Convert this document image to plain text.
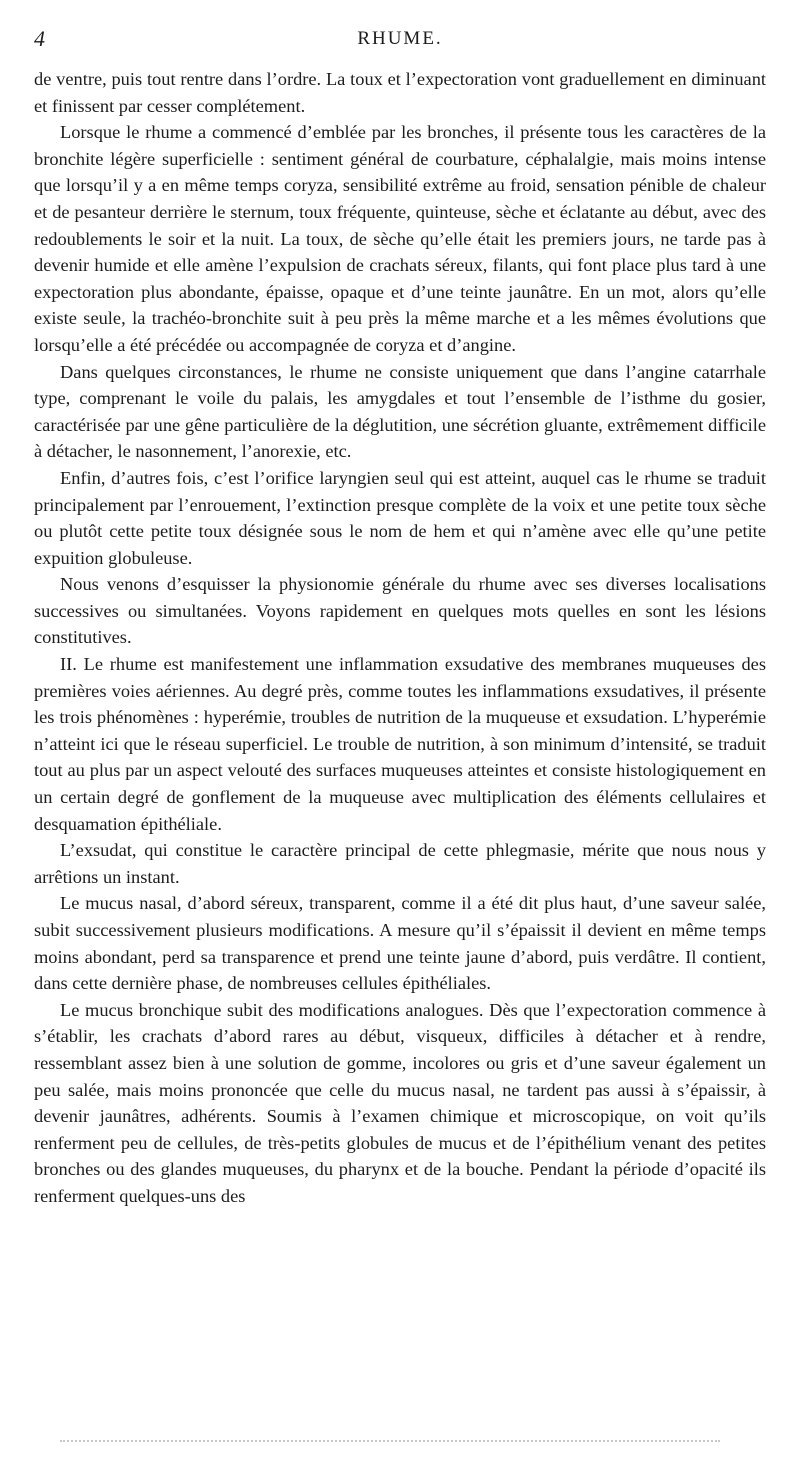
4	RHUME.

de ventre, puis tout rentre dans l’ordre. La toux et l’expectoration vont graduellement en diminuant et finissent par cesser complétement.

Lorsque le rhume a commencé d’emblée par les bronches, il présente tous les caractères de la bronchite légère superficielle : sentiment général de courbature, céphalalgie, mais moins intense que lorsqu’il y a en même temps coryza, sensibilité extrême au froid, sensation pénible de chaleur et de pesanteur derrière le sternum, toux fréquente, quinteuse, sèche et éclatante au début, avec des redoublements le soir et la nuit. La toux, de sèche qu’elle était les premiers jours, ne tarde pas à devenir humide et elle amène l’expulsion de crachats séreux, filants, qui font place plus tard à une expectoration plus abondante, épaisse, opaque et d’une teinte jaunâtre. En un mot, alors qu’elle existe seule, la trachéo-bronchite suit à peu près la même marche et a les mêmes évolutions que lorsqu’elle a été précédée ou accompagnée de coryza et d’angine.

Dans quelques circonstances, le rhume ne consiste uniquement que dans l’angine catarrhale type, comprenant le voile du palais, les amygdales et tout l’ensemble de l’isthme du gosier, caractérisée par une gêne particulière de la déglutition, une sécrétion gluante, extrêmement difficile à détacher, le nasonnement, l’anorexie, etc.

Enfin, d’autres fois, c’est l’orifice laryngien seul qui est atteint, auquel cas le rhume se traduit principalement par l’enrouement, l’extinction presque complète de la voix et une petite toux sèche ou plutôt cette petite toux désignée sous le nom de hem et qui n’amène avec elle qu’une petite expuition globuleuse.

Nous venons d’esquisser la physionomie générale du rhume avec ses diverses localisations successives ou simultanées. Voyons rapidement en quelques mots quelles en sont les lésions constitutives.

II. Le rhume est manifestement une inflammation exsudative des membranes muqueuses des premières voies aériennes. Au degré près, comme toutes les inflammations exsudatives, il présente les trois phénomènes : hyperémie, troubles de nutrition de la muqueuse et exsudation. L’hyperémie n’atteint ici que le réseau superficiel. Le trouble de nutrition, à son minimum d’intensité, se traduit tout au plus par un aspect velouté des surfaces muqueuses atteintes et consiste histologiquement en un certain degré de gonflement de la muqueuse avec multiplication des éléments cellulaires et desquamation épithéliale.

L’exsudat, qui constitue le caractère principal de cette phlegmasie, mérite que nous nous y arrêtions un instant.

Le mucus nasal, d’abord séreux, transparent, comme il a été dit plus haut, d’une saveur salée, subit successivement plusieurs modifications. A mesure qu’il s’épaissit il devient en même temps moins abondant, perd sa transparence et prend une teinte jaune d’abord, puis verdâtre. Il contient, dans cette dernière phase, de nombreuses cellules épithéliales.

Le mucus bronchique subit des modifications analogues. Dès que l’expectoration commence à s’établir, les crachats d’abord rares au début, visqueux, difficiles à détacher et à rendre, ressemblant assez bien à une solution de gomme, incolores ou gris et d’une saveur également un peu salée, mais moins prononcée que celle du mucus nasal, ne tardent pas aussi à s’épaissir, à devenir jaunâtres, adhérents. Soumis à l’examen chimique et microscopique, on voit qu’ils renferment peu de cellules, de très-petits globules de mucus et de l’épithélium venant des petites bronches ou des glandes muqueuses, du pharynx et de la bouche. Pendant la période d’opacité ils renferment quelques-uns des
